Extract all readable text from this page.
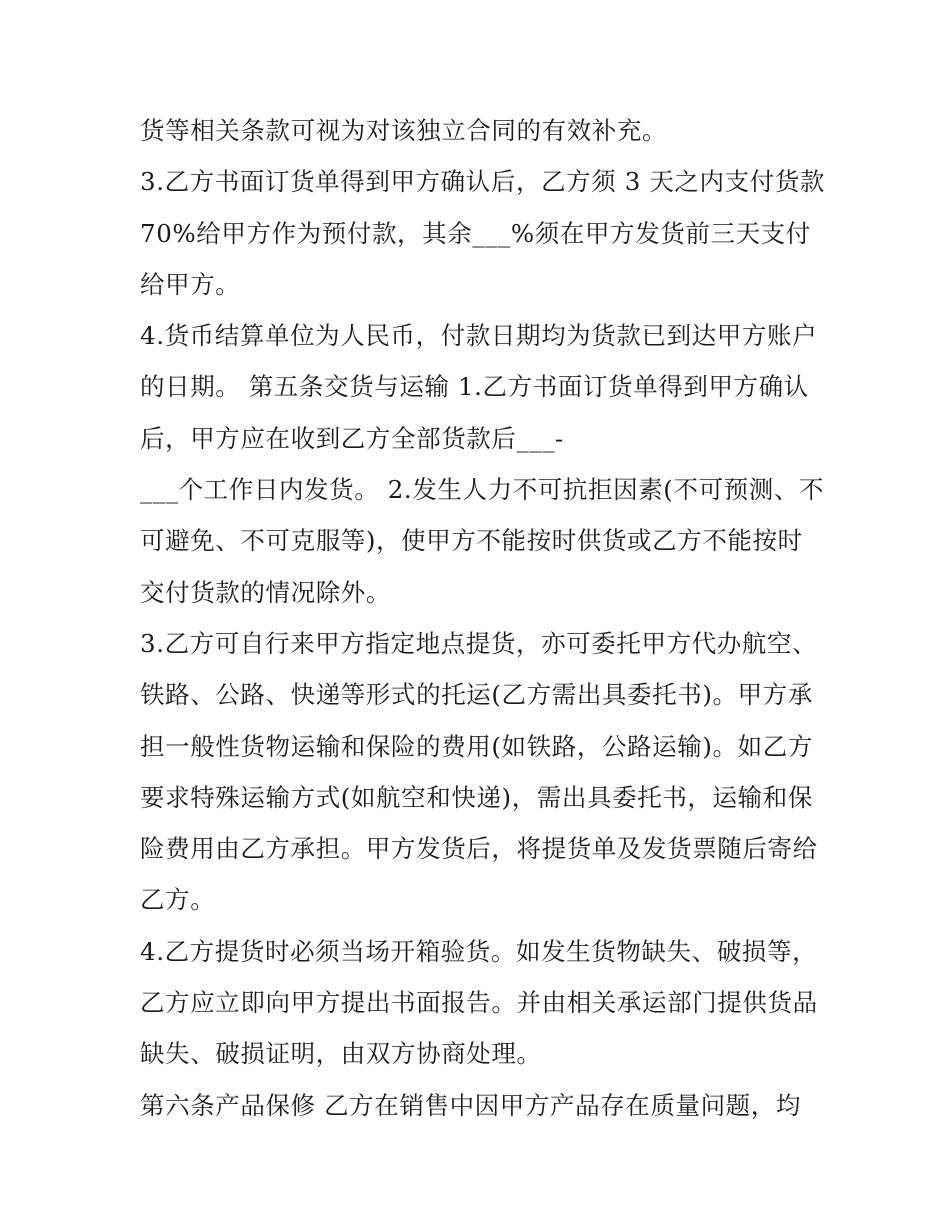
货等相关条款可视为对该独立合同的有效补充。
3.乙方书面订货单得到甲方确认后，乙方须 3 天之内支付货款
70%给甲方作为预付款，其余___%须在甲方发货前三天支付
给甲方。
4.货币结算单位为人民币，付款日期均为货款已到达甲方账户
的日期。 第五条交货与运输 1.乙方书面订货单得到甲方确认
后，甲方应在收到乙方全部货款后___-
___个工作日内发货。 2.发生人力不可抗拒因素(不可预测、不
可避免、不可克服等)，使甲方不能按时供货或乙方不能按时
交付货款的情况除外。
3.乙方可自行来甲方指定地点提货，亦可委托甲方代办航空、
铁路、公路、快递等形式的托运(乙方需出具委托书)。甲方承
担一般性货物运输和保险的费用(如铁路，公路运输)。如乙方
要求特殊运输方式(如航空和快递)，需出具委托书，运输和保
险费用由乙方承担。甲方发货后，将提货单及发货票随后寄给
乙方。
4.乙方提货时必须当场开箱验货。如发生货物缺失、破损等，
乙方应立即向甲方提出书面报告。并由相关承运部门提供货品
缺失、破损证明，由双方协商处理。
第六条产品保修 乙方在销售中因甲方产品存在质量问题，均
